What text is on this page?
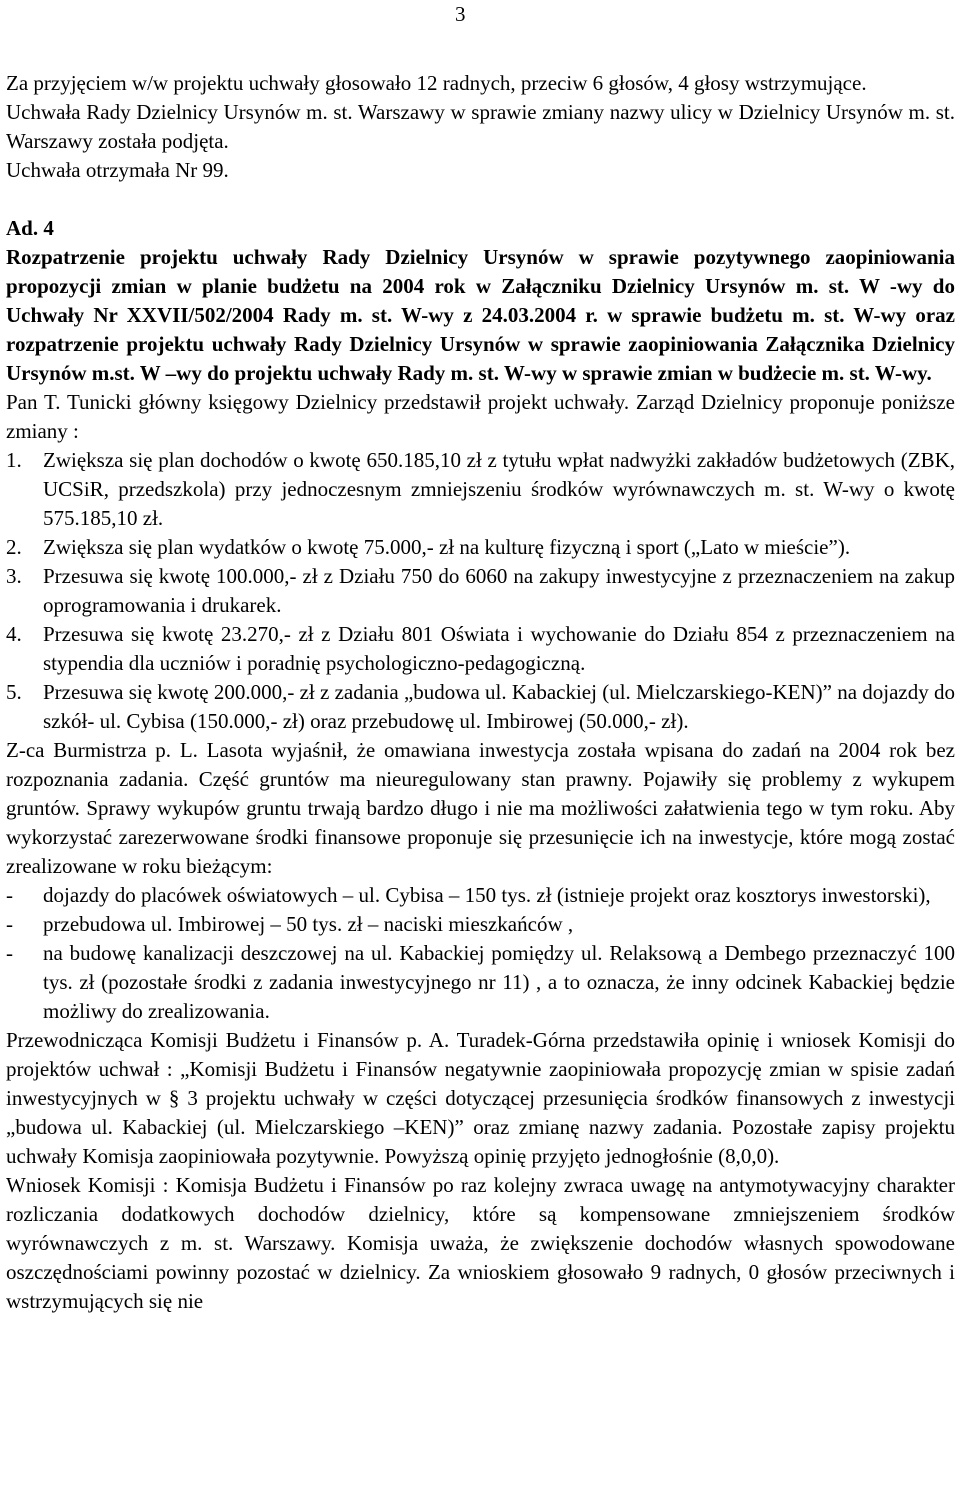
3

Za przyjęciem w/w projektu uchwały głosowało 12 radnych, przeciw 6 głosów, 4 głosy wstrzymujące.

Uchwała Rady Dzielnicy Ursynów m. st. Warszawy w sprawie zmiany nazwy ulicy w Dzielnicy Ursynów m. st. Warszawy została podjęta.

Uchwała otrzymała Nr 99.

Ad. 4

Rozpatrzenie projektu uchwały Rady Dzielnicy Ursynów w sprawie pozytywnego zaopiniowania propozycji zmian w planie budżetu na 2004 rok w Załączniku Dzielnicy Ursynów m. st. W -wy do Uchwały Nr XXVII/502/2004 Rady m. st. W-wy z 24.03.2004 r. w sprawie budżetu m. st. W-wy oraz rozpatrzenie projektu uchwały Rady Dzielnicy Ursynów w sprawie zaopiniowania Załącznika Dzielnicy Ursynów m.st. W –wy do projektu uchwały Rady m. st. W-wy w sprawie zmian w budżecie m. st. W-wy.

Pan T. Tunicki główny księgowy Dzielnicy przedstawił projekt uchwały. Zarząd Dzielnicy proponuje poniższe zmiany :

1.	Zwiększa się plan dochodów o kwotę 650.185,10 zł z tytułu wpłat nadwyżki zakładów budżetowych (ZBK, UCSiR, przedszkola) przy jednoczesnym zmniejszeniu środków wyrównawczych m. st. W-wy o kwotę 575.185,10 zł.
2.	Zwiększa się plan wydatków o kwotę 75.000,- zł na kulturę fizyczną i sport („Lato w mieście”).
3.	Przesuwa się kwotę 100.000,- zł z Działu 750 do 6060 na zakupy inwestycyjne z przeznaczeniem na zakup oprogramowania i drukarek.
4.	Przesuwa się kwotę 23.270,- zł z Działu 801 Oświata i wychowanie do Działu 854 z przeznaczeniem na stypendia dla uczniów i poradnię psychologiczno-pedagogiczną.
5.	Przesuwa się kwotę 200.000,- zł z zadania „budowa ul. Kabackiej (ul. Mielczarskiego-KEN)” na dojazdy do szkół- ul. Cybisa (150.000,- zł) oraz przebudowę ul. Imbirowej (50.000,- zł).

Z-ca Burmistrza p. L. Lasota wyjaśnił, że omawiana inwestycja została wpisana do zadań na 2004 rok bez rozpoznania zadania. Część gruntów ma nieuregulowany stan prawny. Pojawiły się problemy z wykupem gruntów. Sprawy wykupów gruntu trwają bardzo długo i nie ma możliwości załatwienia tego w tym roku. Aby wykorzystać zarezerwowane środki finansowe proponuje się przesunięcie ich na inwestycje, które mogą zostać zrealizowane w roku bieżącym:

-	dojazdy do placówek oświatowych – ul. Cybisa – 150 tys. zł (istnieje projekt oraz kosztorys inwestorski),
-	przebudowa ul. Imbirowej – 50 tys. zł – naciski mieszkańców ,
-	na budowę kanalizacji deszczowej na ul. Kabackiej pomiędzy ul. Relaksową a Dembego przeznaczyć 100 tys. zł (pozostałe środki z zadania inwestycyjnego nr 11) , a to oznacza, że inny odcinek Kabackiej będzie możliwy do zrealizowania.

Przewodnicząca Komisji Budżetu i Finansów p. A. Turadek-Górna przedstawiła opinię i wniosek Komisji do projektów uchwał : „Komisji Budżetu i Finansów negatywnie zaopiniowała propozycję zmian w spisie zadań inwestycyjnych w § 3 projektu uchwały w części dotyczącej przesunięcia środków finansowych z inwestycji „budowa ul. Kabackiej (ul. Mielczarskiego –KEN)” oraz zmianę nazwy zadania. Pozostałe zapisy projektu uchwały Komisja zaopiniowała pozytywnie. Powyższą opinię przyjęto jednogłośnie (8,0,0).

Wniosek Komisji : Komisja Budżetu i Finansów po raz kolejny zwraca uwagę na antymotywacyjny charakter rozliczania dodatkowych dochodów dzielnicy, które są kompensowane zmniejszeniem środków wyrównawczych z m. st. Warszawy. Komisja uważa, że zwiększenie dochodów własnych spowodowane oszczędnościami powinny pozostać w dzielnicy. Za wnioskiem głosowało 9 radnych, 0 głosów przeciwnych i wstrzymujących się nie
